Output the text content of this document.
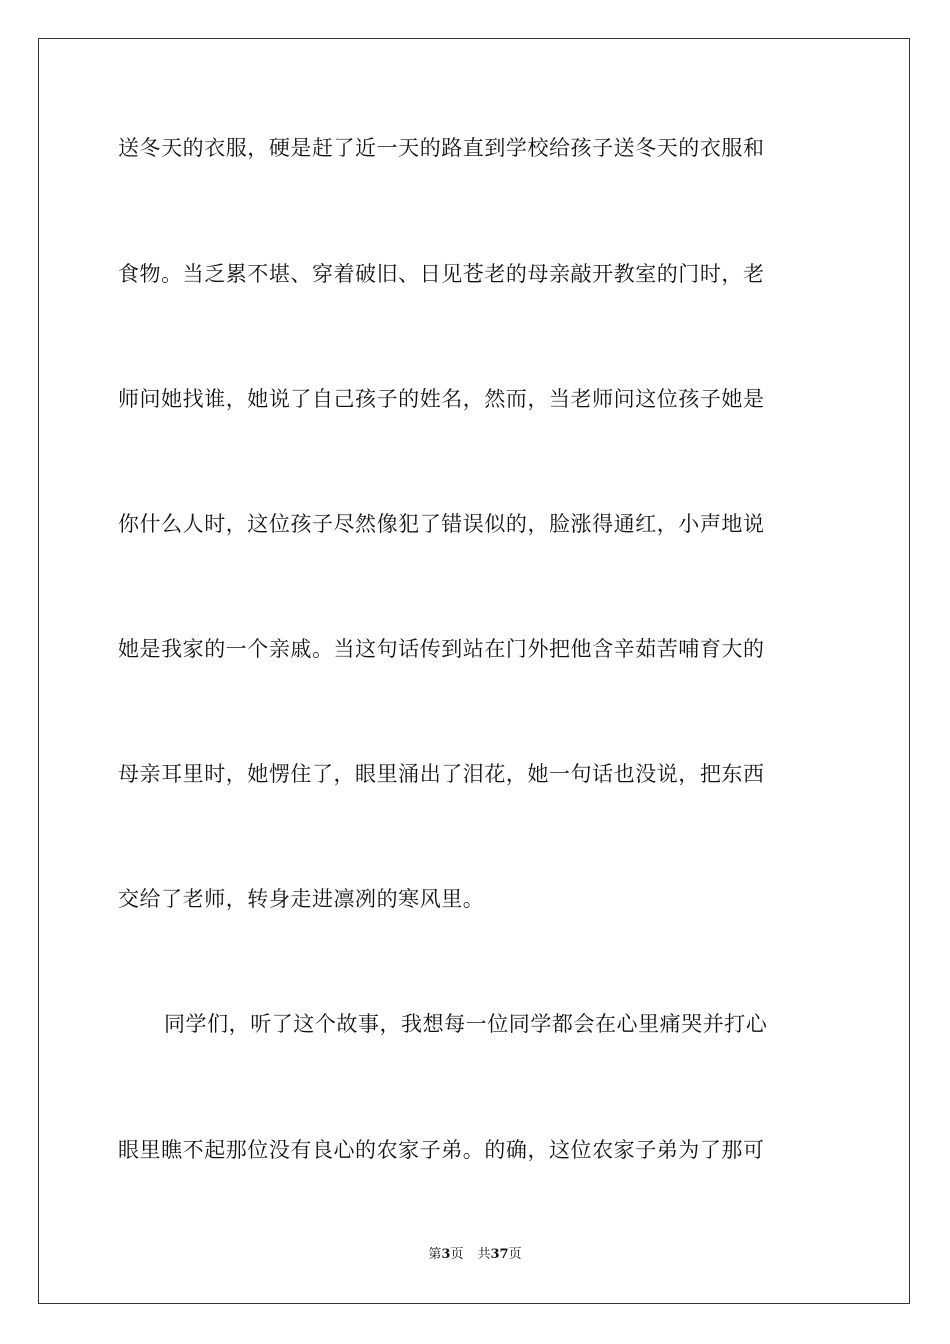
送冬天的衣服，硬是赶了近一天的路直到学校给孩子送冬天的衣服和
食物。当乏累不堪、穿着破旧、日见苍老的母亲敲开教室的门时，老
师问她找谁，她说了自己孩子的姓名，然而，当老师问这位孩子她是
你什么人时，这位孩子尽然像犯了错误似的，脸涨得通红，小声地说
她是我家的一个亲戚。当这句话传到站在门外把他含辛茹苦哺育大的
母亲耳里时，她愣住了，眼里涌出了泪花，她一句话也没说，把东西
交给了老师，转身走进凛冽的寒风里。
同学们，听了这个故事，我想每一位同学都会在心里痛哭并打心
眼里瞧不起那位没有良心的农家子弟。的确，这位农家子弟为了那可
第3页 共37页
